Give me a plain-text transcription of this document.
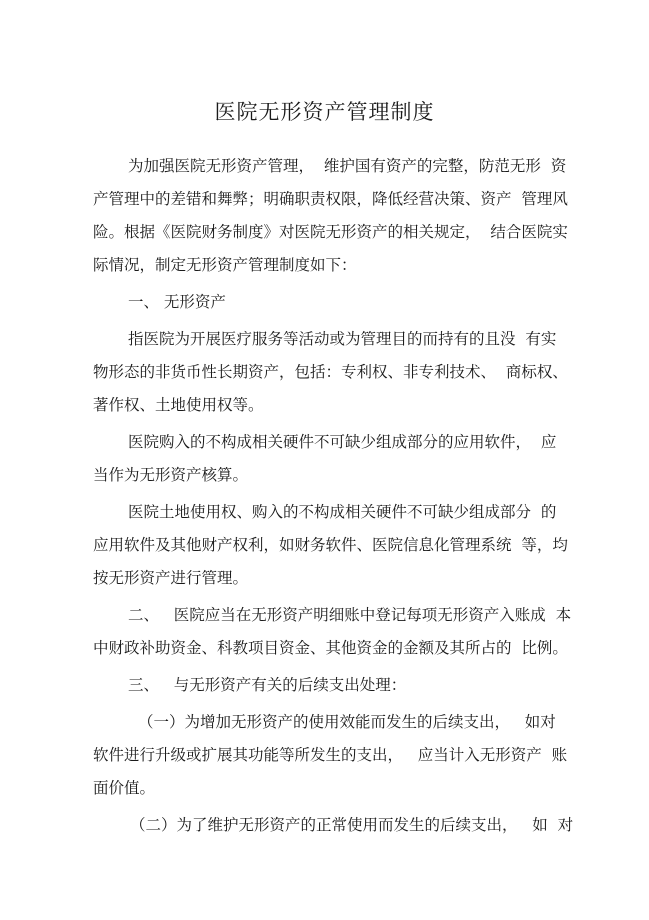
医院无形资产管理制度
为加强医院无形资产管理，  维护国有资产的完整，防范无形  资
产管理中的差错和舞弊；明确职责权限，降低经营决策、资产  管理风
险。根据《医院财务制度》对医院无形资产的相关规定，  结合医院实
际情况，制定无形资产管理制度如下：
一、 无形资产
指医院为开展医疗服务等活动或为管理目的而持有的且没  有实
物形态的非货币性长期资产，包括：专利权、非专利技术、  商标权、
著作权、土地使用权等。
医院购入的不构成相关硬件不可缺少组成部分的应用软件，  应
当作为无形资产核算。
医院土地使用权、购入的不构成相关硬件不可缺少组成部分  的
应用软件及其他财产权利，如财务软件、医院信息化管理系统  等，均
按无形资产进行管理。
二、   医院应当在无形资产明细账中登记每项无形资产入账成  本
中财政补助资金、科教项目资金、其他资金的金额及其所占的  比例。
三、   与无形资产有关的后续支出处理：
（一）为增加无形资产的使用效能而发生的后续支出，   如对
软件进行升级或扩展其功能等所发生的支出，   应当计入无形资产  账
面价值。
（二）为了维护无形资产的正常使用而发生的后续支出，   如  对
